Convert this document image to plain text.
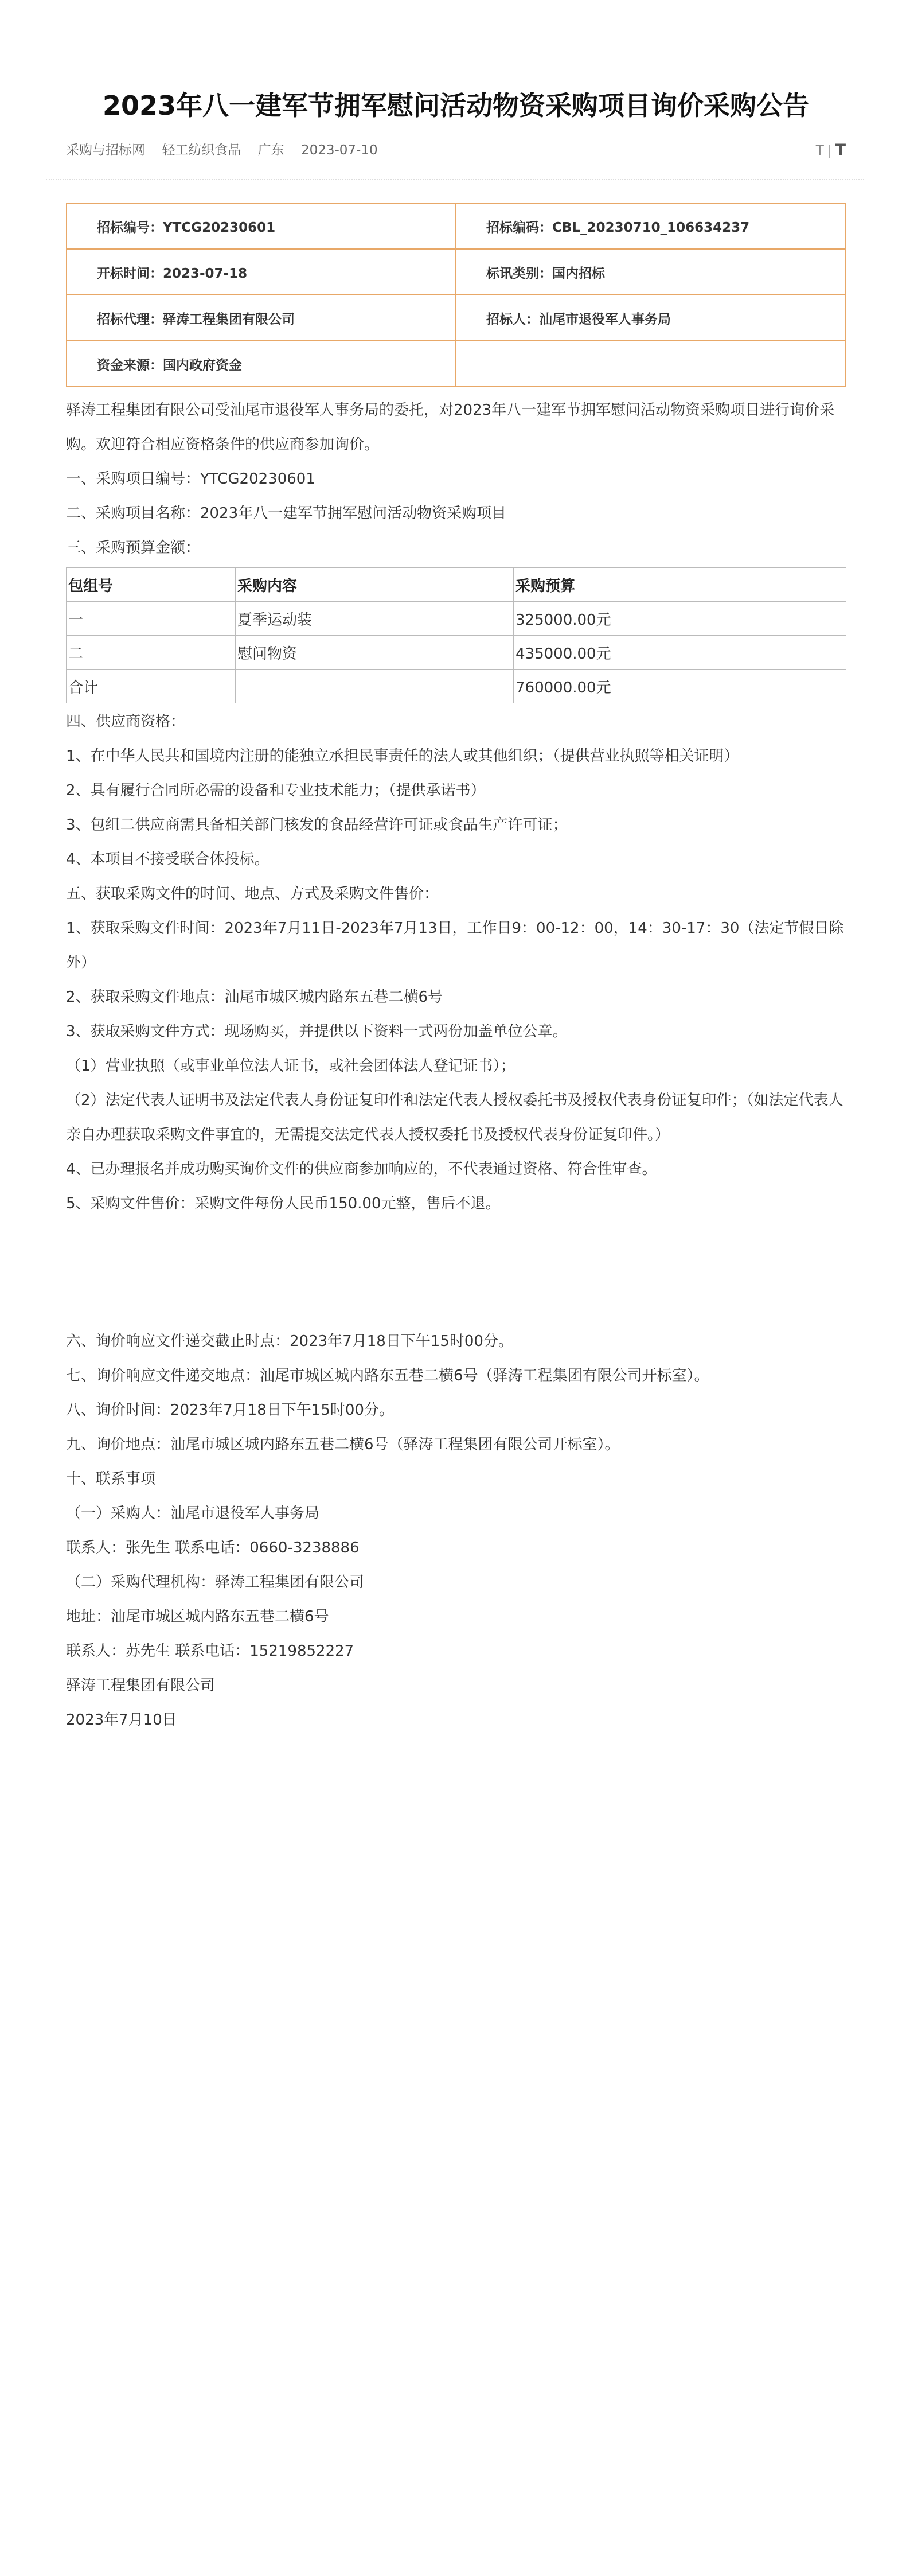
2023年八一建军节拥军慰问活动物资采购项目询价采购公告
采购与招标网 轻工纺织食品 广东 2023-07-10	T | T
招标编号：YTCG20230601	招标编码：CBL_20230710_106634237
开标时间：2023-07-18	标讯类别：国内招标
招标代理：驿涛工程集团有限公司	招标人：汕尾市退役军人事务局
资金来源：国内政府资金	

驿涛工程集团有限公司受汕尾市退役军人事务局的委托，对2023年八一建军节拥军慰问活动物资采购项目进行询价采购。欢迎符合相应资格条件的供应商参加询价。

一、采购项目编号：YTCG20230601

二、采购项目名称：2023年八一建军节拥军慰问活动物资采购项目

三、采购预算金额：

包组号	采购内容	采购预算
一	夏季运动装	325000.00元
二	慰问物资	435000.00元
合计		760000.00元

四、供应商资格：

1、在中华人民共和国境内注册的能独立承担民事责任的法人或其他组织；（提供营业执照等相关证明）

2、具有履行合同所必需的设备和专业技术能力；（提供承诺书）

3、包组二供应商需具备相关部门核发的食品经营许可证或食品生产许可证；

4、本项目不接受联合体投标。

五、获取采购文件的时间、地点、方式及采购文件售价：

1、获取采购文件时间：2023年7月11日-2023年7月13日，工作日9：00-12：00，14：30-17：30（法定节假日除外）

2、获取采购文件地点：汕尾市城区城内路东五巷二横6号

3、获取采购文件方式：现场购买，并提供以下资料一式两份加盖单位公章。

（1）营业执照（或事业单位法人证书，或社会团体法人登记证书）；

（2）法定代表人证明书及法定代表人身份证复印件和法定代表人授权委托书及授权代表身份证复印件；（如法定代表人亲自办理获取采购文件事宜的，无需提交法定代表人授权委托书及授权代表身份证复印件。）

4、已办理报名并成功购买询价文件的供应商参加响应的，不代表通过资格、符合性审查。

5、采购文件售价：采购文件每份人民币150.00元整，售后不退。

六、询价响应文件递交截止时点：2023年7月18日下午15时00分。

七、询价响应文件递交地点：汕尾市城区城内路东五巷二横6号（驿涛工程集团有限公司开标室）。

八、询价时间：2023年7月18日下午15时00分。

九、询价地点：汕尾市城区城内路东五巷二横6号（驿涛工程集团有限公司开标室）。

十、联系事项

（一）采购人：汕尾市退役军人事务局

联系人：张先生 联系电话：0660-3238886

（二）采购代理机构：驿涛工程集团有限公司

地址：汕尾市城区城内路东五巷二横6号

联系人：苏先生 联系电话：15219852227

驿涛工程集团有限公司

2023年7月10日
